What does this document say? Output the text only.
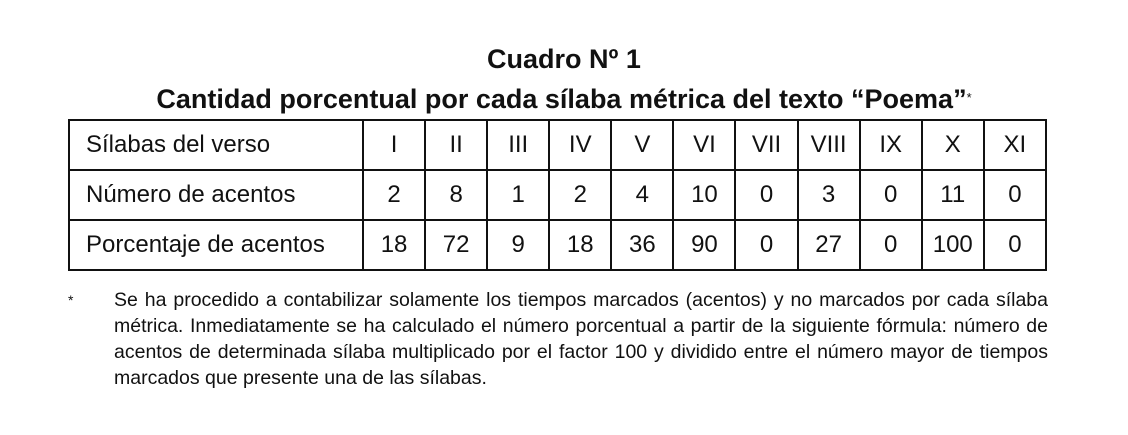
Cuadro Nº 1
Cantidad porcentual por cada sílaba métrica del texto “Poema”*
Sílabas del verso	I	II	III	IV	V	VI	VII	VIII	IX	X	XI
Número de acentos	2	8	1	2	4	10	0	3	0	11	0
Porcentaje de acentos	18	72	9	18	36	90	0	27	0	100	0
* Se ha procedido a contabilizar solamente los tiempos marcados (acentos) y no marcados por cada sílaba métrica. Inmediatamente se ha calculado el número porcentual a partir de la siguiente fórmula: número de acentos de determinada sílaba multiplicado por el factor 100 y dividido entre el número mayor de tiempos marcados que presente una de las sílabas.
